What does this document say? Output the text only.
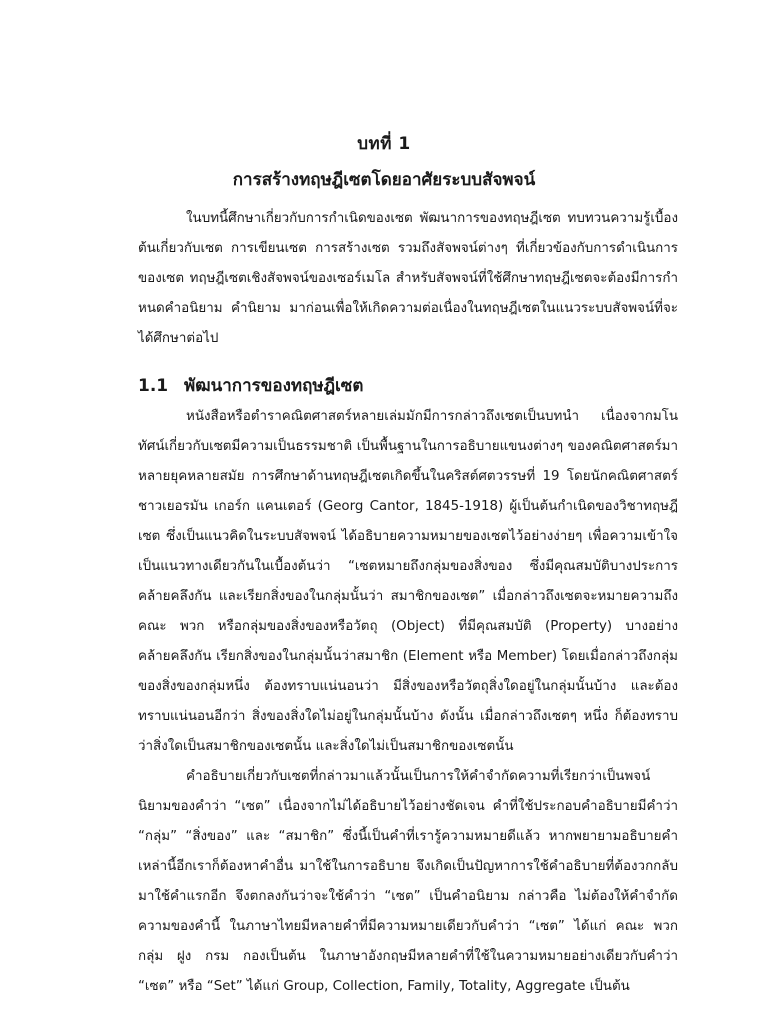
บทที่ 1
การสร้างทฤษฎีเซตโดยอาศัยระบบสัจพจน์

ในบทนี้ศึกษาเกี่ยวกับการกำเนิดของเซต พัฒนาการของทฤษฎีเซต ทบทวนความรู้เบื้องต้นเกี่ยวกับเซต การเขียนเซต การสร้างเซต รวมถึงสัจพจน์ต่างๆ ที่เกี่ยวข้องกับการดำเนินการของเซต ทฤษฎีเซตเชิงสัจพจน์ของเซอร์เมโล สำหรับสัจพจน์ที่ใช้ศึกษาทฤษฎีเซตจะต้องมีการกำหนดคำอนิยาม คำนิยาม มาก่อนเพื่อให้เกิดความต่อเนื่องในทฤษฎีเซตในแนวระบบสัจพจน์ที่จะได้ศึกษาต่อไป

1.1 พัฒนาการของทฤษฎีเซต

หนังสือหรือตำราคณิตศาสตร์หลายเล่มมักมีการกล่าวถึงเซตเป็นบทนำ เนื่องจากมโนทัศน์เกี่ยวกับเซตมีความเป็นธรรมชาติ เป็นพื้นฐานในการอธิบายแขนงต่างๆ ของคณิตศาสตร์มาหลายยุคหลายสมัย การศึกษาด้านทฤษฎีเซตเกิดขึ้นในคริสต์ศตวรรษที่ 19 โดยนักคณิตศาสตร์ชาวเยอรมัน เกอร์ก แคนเตอร์ (Georg Cantor, 1845-1918) ผู้เป็นต้นกำเนิดของวิชาทฤษฎีเซต ซึ่งเป็นแนวคิดในระบบสัจพจน์ ได้อธิบายความหมายของเซตไว้อย่างง่ายๆ เพื่อความเข้าใจเป็นแนวทางเดียวกันในเบื้องต้นว่า “เซตหมายถึงกลุ่มของสิ่งของ ซึ่งมีคุณสมบัติบางประการคล้ายคลึงกัน และเรียกสิ่งของในกลุ่มนั้นว่า สมาชิกของเซต” เมื่อกล่าวถึงเซตจะหมายความถึง คณะ พวก หรือกลุ่มของสิ่งของหรือวัตถุ (Object) ที่มีคุณสมบัติ (Property) บางอย่างคล้ายคลึงกัน เรียกสิ่งของในกลุ่มนั้นว่าสมาชิก (Element หรือ Member) โดยเมื่อกล่าวถึงกลุ่มของสิ่งของกลุ่มหนึ่ง ต้องทราบแน่นอนว่า มีสิ่งของหรือวัตถุสิ่งใดอยู่ในกลุ่มนั้นบ้าง และต้องทราบแน่นอนอีกว่า สิ่งของสิ่งใดไม่อยู่ในกลุ่มนั้นบ้าง ดังนั้น เมื่อกล่าวถึงเซตๆ หนึ่ง ก็ต้องทราบว่าสิ่งใดเป็นสมาชิกของเซตนั้น และสิ่งใดไม่เป็นสมาชิกของเซตนั้น

คำอธิบายเกี่ยวกับเซตที่กล่าวมาแล้วนั้นเป็นการให้คำจำกัดความที่เรียกว่าเป็นพจน์นิยามของคำว่า “เซต” เนื่องจากไม่ได้อธิบายไว้อย่างชัดเจน คำที่ใช้ประกอบคำอธิบายมีคำว่า “กลุ่ม” “สิ่งของ” และ “สมาชิก” ซึ่งนี้เป็นคำที่เรารู้ความหมายดีแล้ว หากพยายามอธิบายคำเหล่านี้อีกเราก็ต้องหาคำอื่น มาใช้ในการอธิบาย จึงเกิดเป็นปัญหาการใช้คำอธิบายที่ต้องวกกลับมาใช้คำแรกอีก จึงตกลงกันว่าจะใช้คำว่า “เซต” เป็นคำอนิยาม กล่าวคือ ไม่ต้องให้คำจำกัดความของคำนี้ ในภาษาไทยมีหลายคำที่มีความหมายเดียวกับคำว่า “เซต” ได้แก่ คณะ พวก กลุ่ม ฝูง กรม กองเป็นต้น ในภาษาอังกฤษมีหลายคำที่ใช้ในความหมายอย่างเดียวกับคำว่า “เซต” หรือ “Set” ได้แก่ Group, Collection, Family, Totality, Aggregate เป็นต้น
